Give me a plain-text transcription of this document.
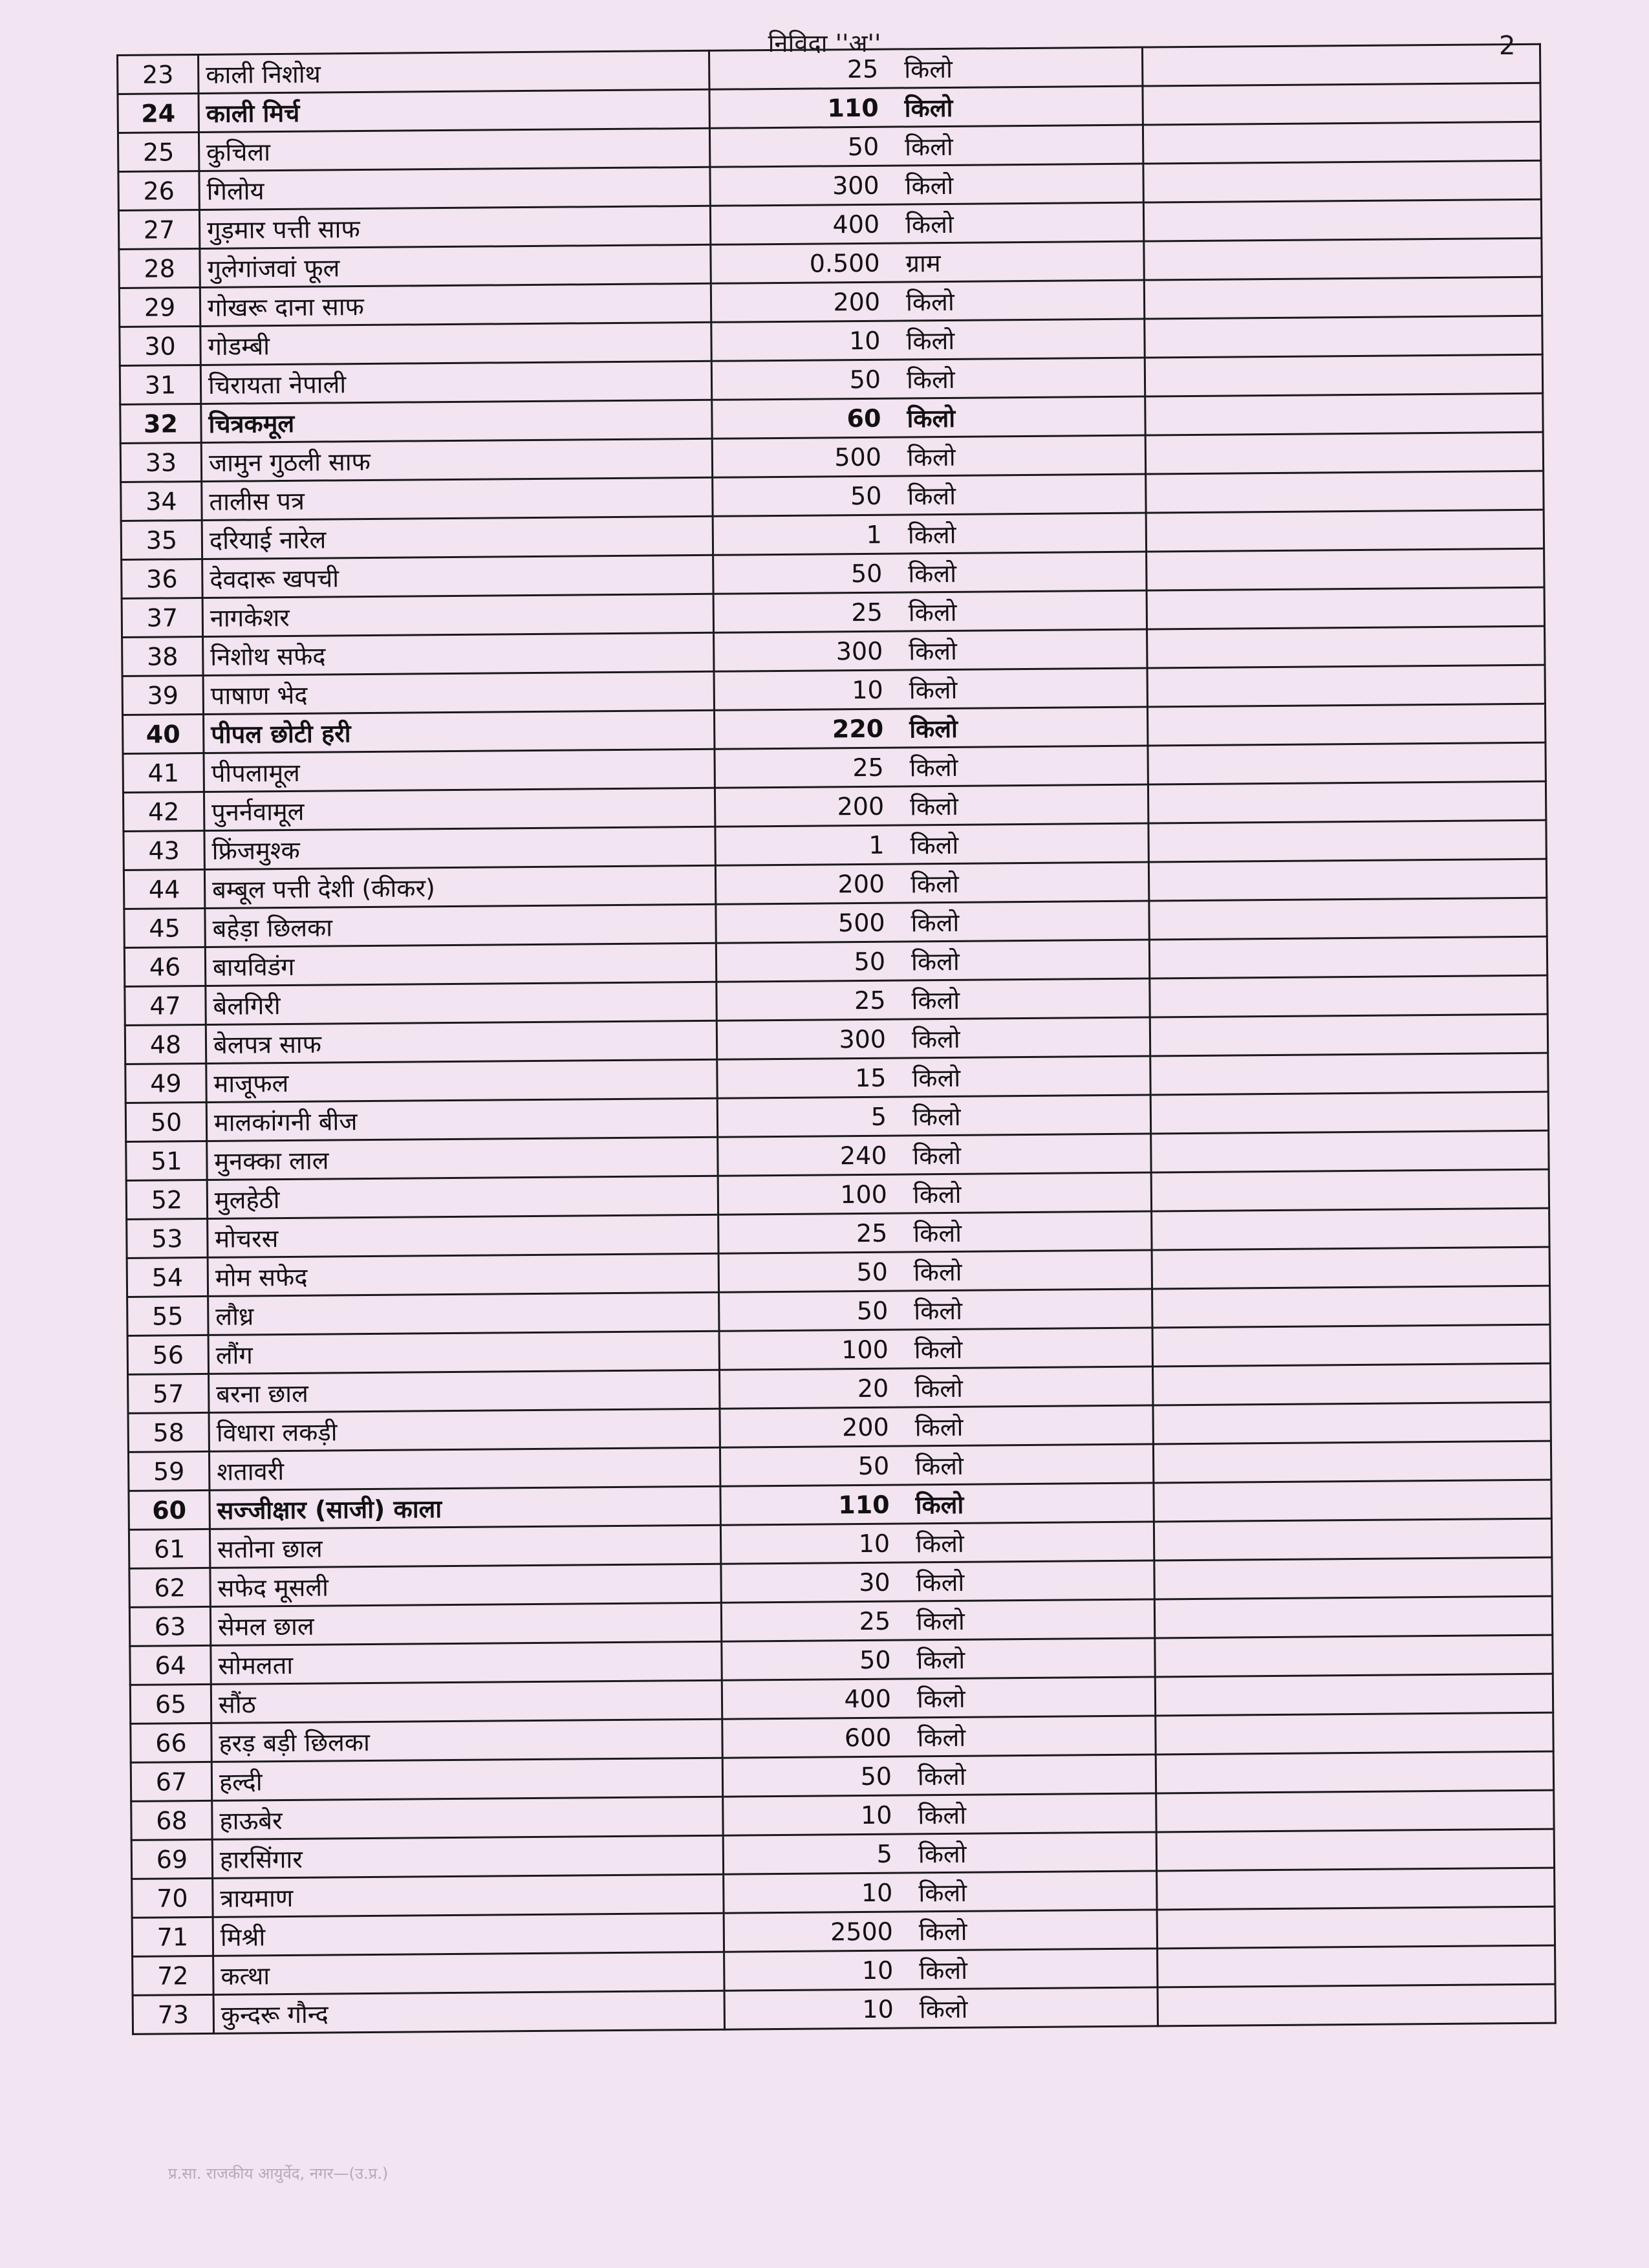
निविदा ''अ''	2
23	काली निशोथ	25 किलो	

24	काली मिर्च	110 किलो	

25	कुचिला	50 किलो	

26	गिलोय	300 किलो	

27	गुड़मार पत्ती साफ	400 किलो	

28	गुलेगांजवां फूल	0.500 ग्राम	

29	गोखरू दाना साफ	200 किलो	

30	गोडम्बी	10 किलो	

31	चिरायता नेपाली	50 किलो	

32	चित्रकमूल	60 किलो	

33	जामुन गुठली साफ	500 किलो	

34	तालीस पत्र	50 किलो	

35	दरियाई नारेल	1 किलो	

36	देवदारू खपची	50 किलो	

37	नागकेशर	25 किलो	

38	निशोथ सफेद	300 किलो	

39	पाषाण भेद	10 किलो	

40	पीपल छोटी हरी	220 किलो	

41	पीपलामूल	25 किलो	

42	पुनर्नवामूल	200 किलो	

43	फ्रिंजमुश्क	1 किलो	

44	बम्बूल पत्ती देशी (कीकर)	200 किलो	

45	बहेड़ा छिलका	500 किलो	

46	बायविडंग	50 किलो	

47	बेलगिरी	25 किलो	

48	बेलपत्र साफ	300 किलो	

49	माजूफल	15 किलो	

50	मालकांगनी बीज	5 किलो	

51	मुनक्का लाल	240 किलो	

52	मुलहेठी	100 किलो	

53	मोचरस	25 किलो	

54	मोम सफेद	50 किलो	

55	लौध्र	50 किलो	

56	लौंग	100 किलो	

57	बरना छाल	20 किलो	

58	विधारा लकड़ी	200 किलो	

59	शतावरी	50 किलो	

60	सज्जीक्षार (साजी) काला	110 किलो	

61	सतोना छाल	10 किलो	

62	सफेद मूसली	30 किलो	

63	सेमल छाल	25 किलो	

64	सोमलता	50 किलो	

65	सौंठ	400 किलो	

66	हरड़ बड़ी छिलका	600 किलो	

67	हल्दी	50 किलो	

68	हाऊबेर	10 किलो	

69	हारसिंगार	5 किलो	

70	त्रायमाण	10 किलो	

71	मिश्री	2500 किलो	

72	कत्था	10 किलो	

73	कुन्दरू गौन्द	10 किलो	

प्र.सा. राजकीय आयुर्वेद, नगर—(उ.प्र.)
